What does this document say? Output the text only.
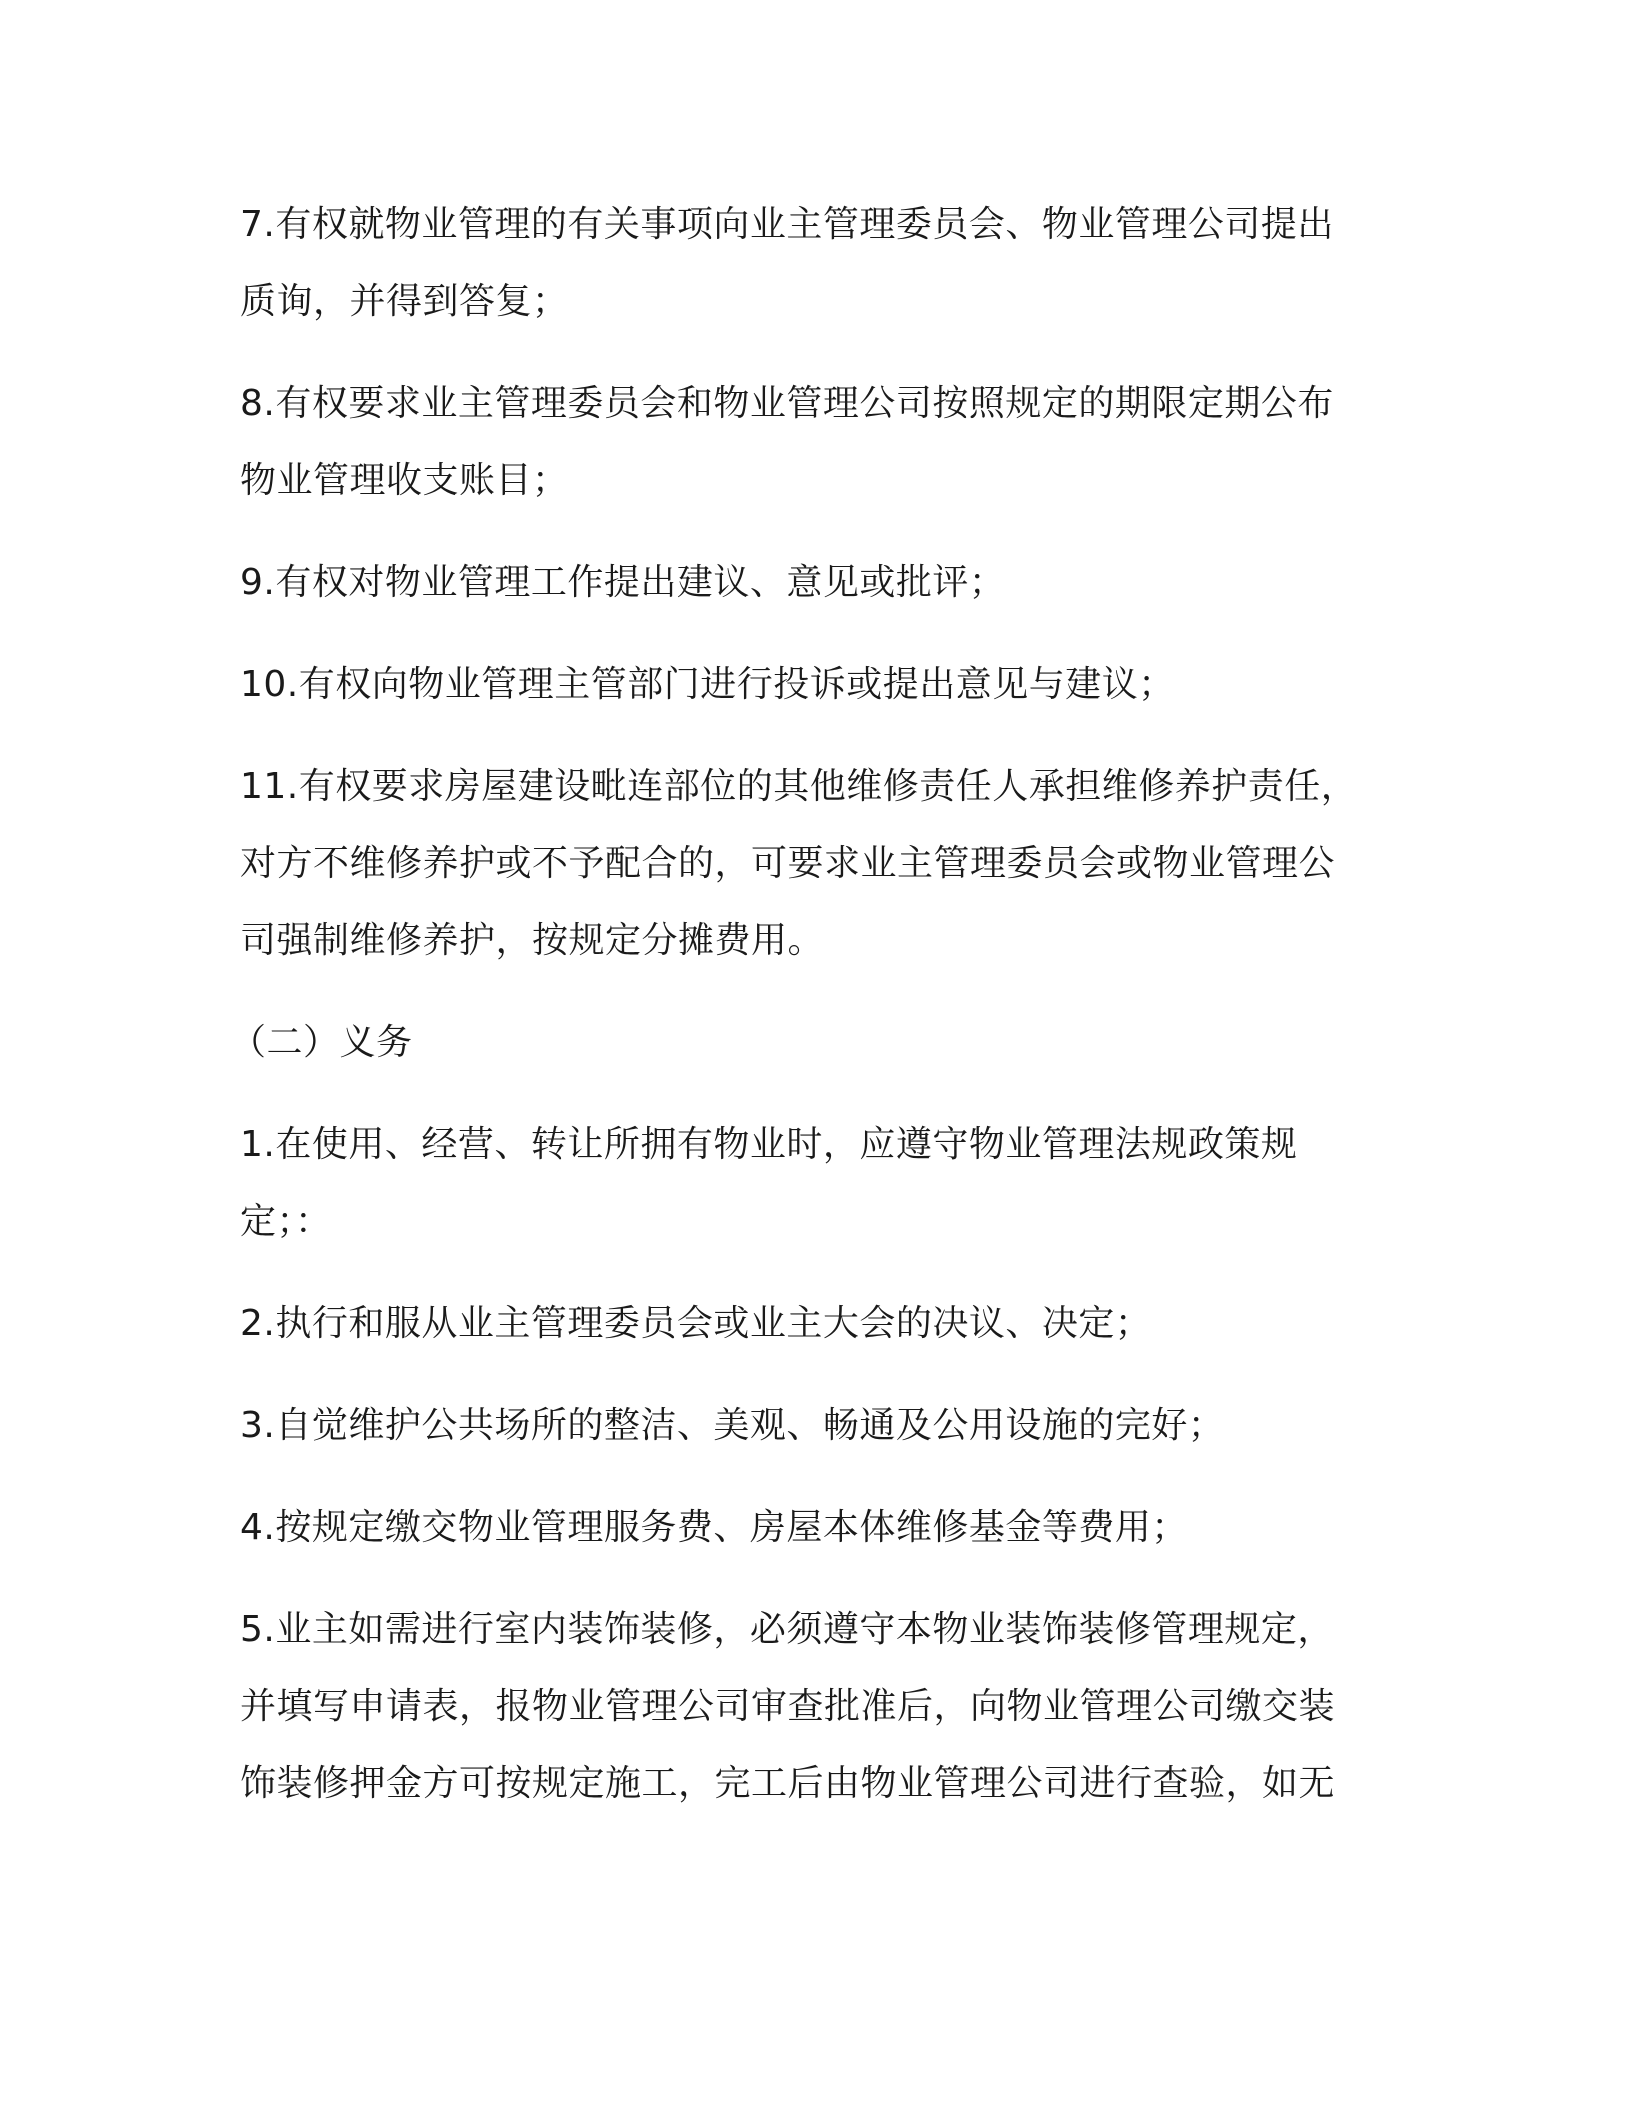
7.有权就物业管理的有关事项向业主管理委员会、物业管理公司提出
质询，并得到答复；

8.有权要求业主管理委员会和物业管理公司按照规定的期限定期公布
物业管理收支账目；

9.有权对物业管理工作提出建议、意见或批评；

10.有权向物业管理主管部门进行投诉或提出意见与建议；

11.有权要求房屋建设毗连部位的其他维修责任人承担维修养护责任，
对方不维修养护或不予配合的，可要求业主管理委员会或物业管理公
司强制维修养护，按规定分摊费用。

（二）义务

1.在使用、经营、转让所拥有物业时，应遵守物业管理法规政策规
定；：

2.执行和服从业主管理委员会或业主大会的决议、决定；

3.自觉维护公共场所的整洁、美观、畅通及公用设施的完好；

4.按规定缴交物业管理服务费、房屋本体维修基金等费用；

5.业主如需进行室内装饰装修，必须遵守本物业装饰装修管理规定，
并填写申请表，报物业管理公司审查批准后，向物业管理公司缴交装
饰装修押金方可按规定施工，完工后由物业管理公司进行查验，如无
